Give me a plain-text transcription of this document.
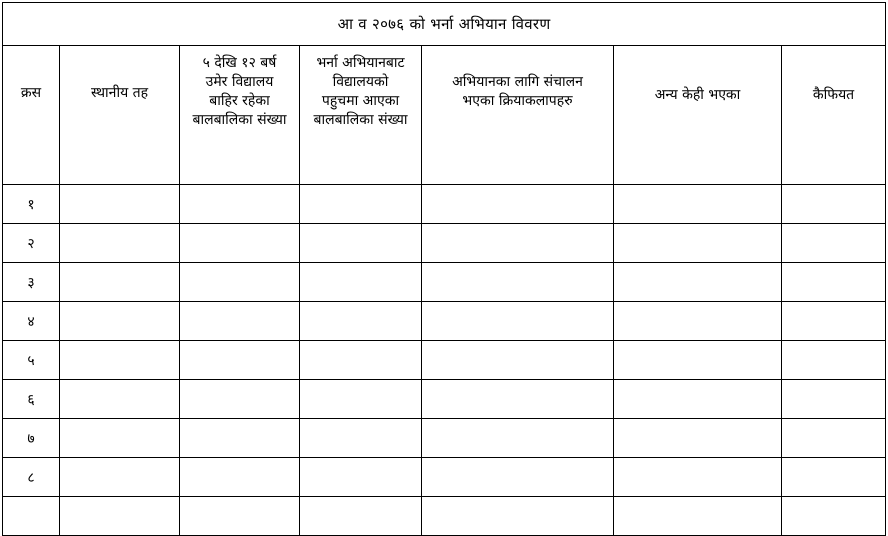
आ व २०७६ को भर्ना अभियान विवरण						

क्रस	स्थानीय तह	५ देखि १२ बर्ष
उमेर विद्यालय
बाहिर रहेका
बालबालिका संख्या	भर्ना अभियानबाट
विद्यालयको
पहुचमा आएका
बालबालिका संख्या	अभियानका लागि संचालन
भएका क्रियाकलापहरु	अन्य केही भएका	कैफियत

१						
२						
३						
४						
५						
६						
७						
८						
